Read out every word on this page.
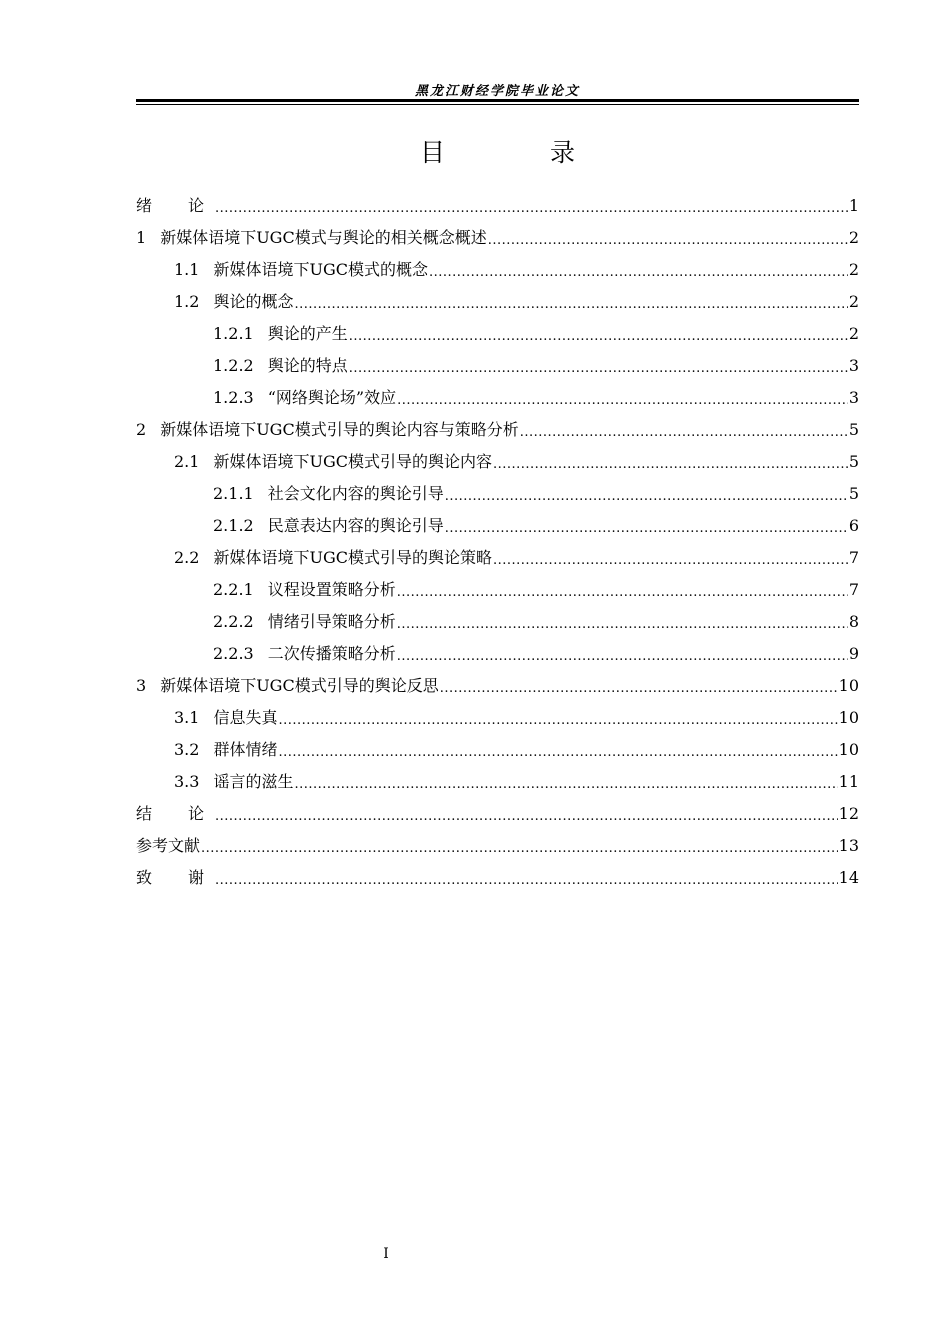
黑龙江财经学院毕业论文
目　录
绪　论 .....	1
1 新媒体语境下UGC模式与舆论的相关概念概述 .....	2
1.1 新媒体语境下UGC模式的概念 .....	2
1.2 舆论的概念 .....	2
1.2.1 舆论的产生 .....	2
1.2.2 舆论的特点 .....	3
1.2.3 “网络舆论场”效应 .....	3
2 新媒体语境下UGC模式引导的舆论内容与策略分析 .....	5
2.1 新媒体语境下UGC模式引导的舆论内容 .....	5
2.1.1 社会文化内容的舆论引导 .....	5
2.1.2 民意表达内容的舆论引导 .....	6
2.2 新媒体语境下UGC模式引导的舆论策略 .....	7
2.2.1 议程设置策略分析 .....	7
2.2.2 情绪引导策略分析 .....	8
2.2.3 二次传播策略分析 .....	9
3 新媒体语境下UGC模式引导的舆论反思 .....	10
3.1 信息失真 .....	10
3.2 群体情绪 .....	10
3.3 谣言的滋生 .....	11
结　论 .....	12
参考文献 .....	13
致　谢 .....	14
I
